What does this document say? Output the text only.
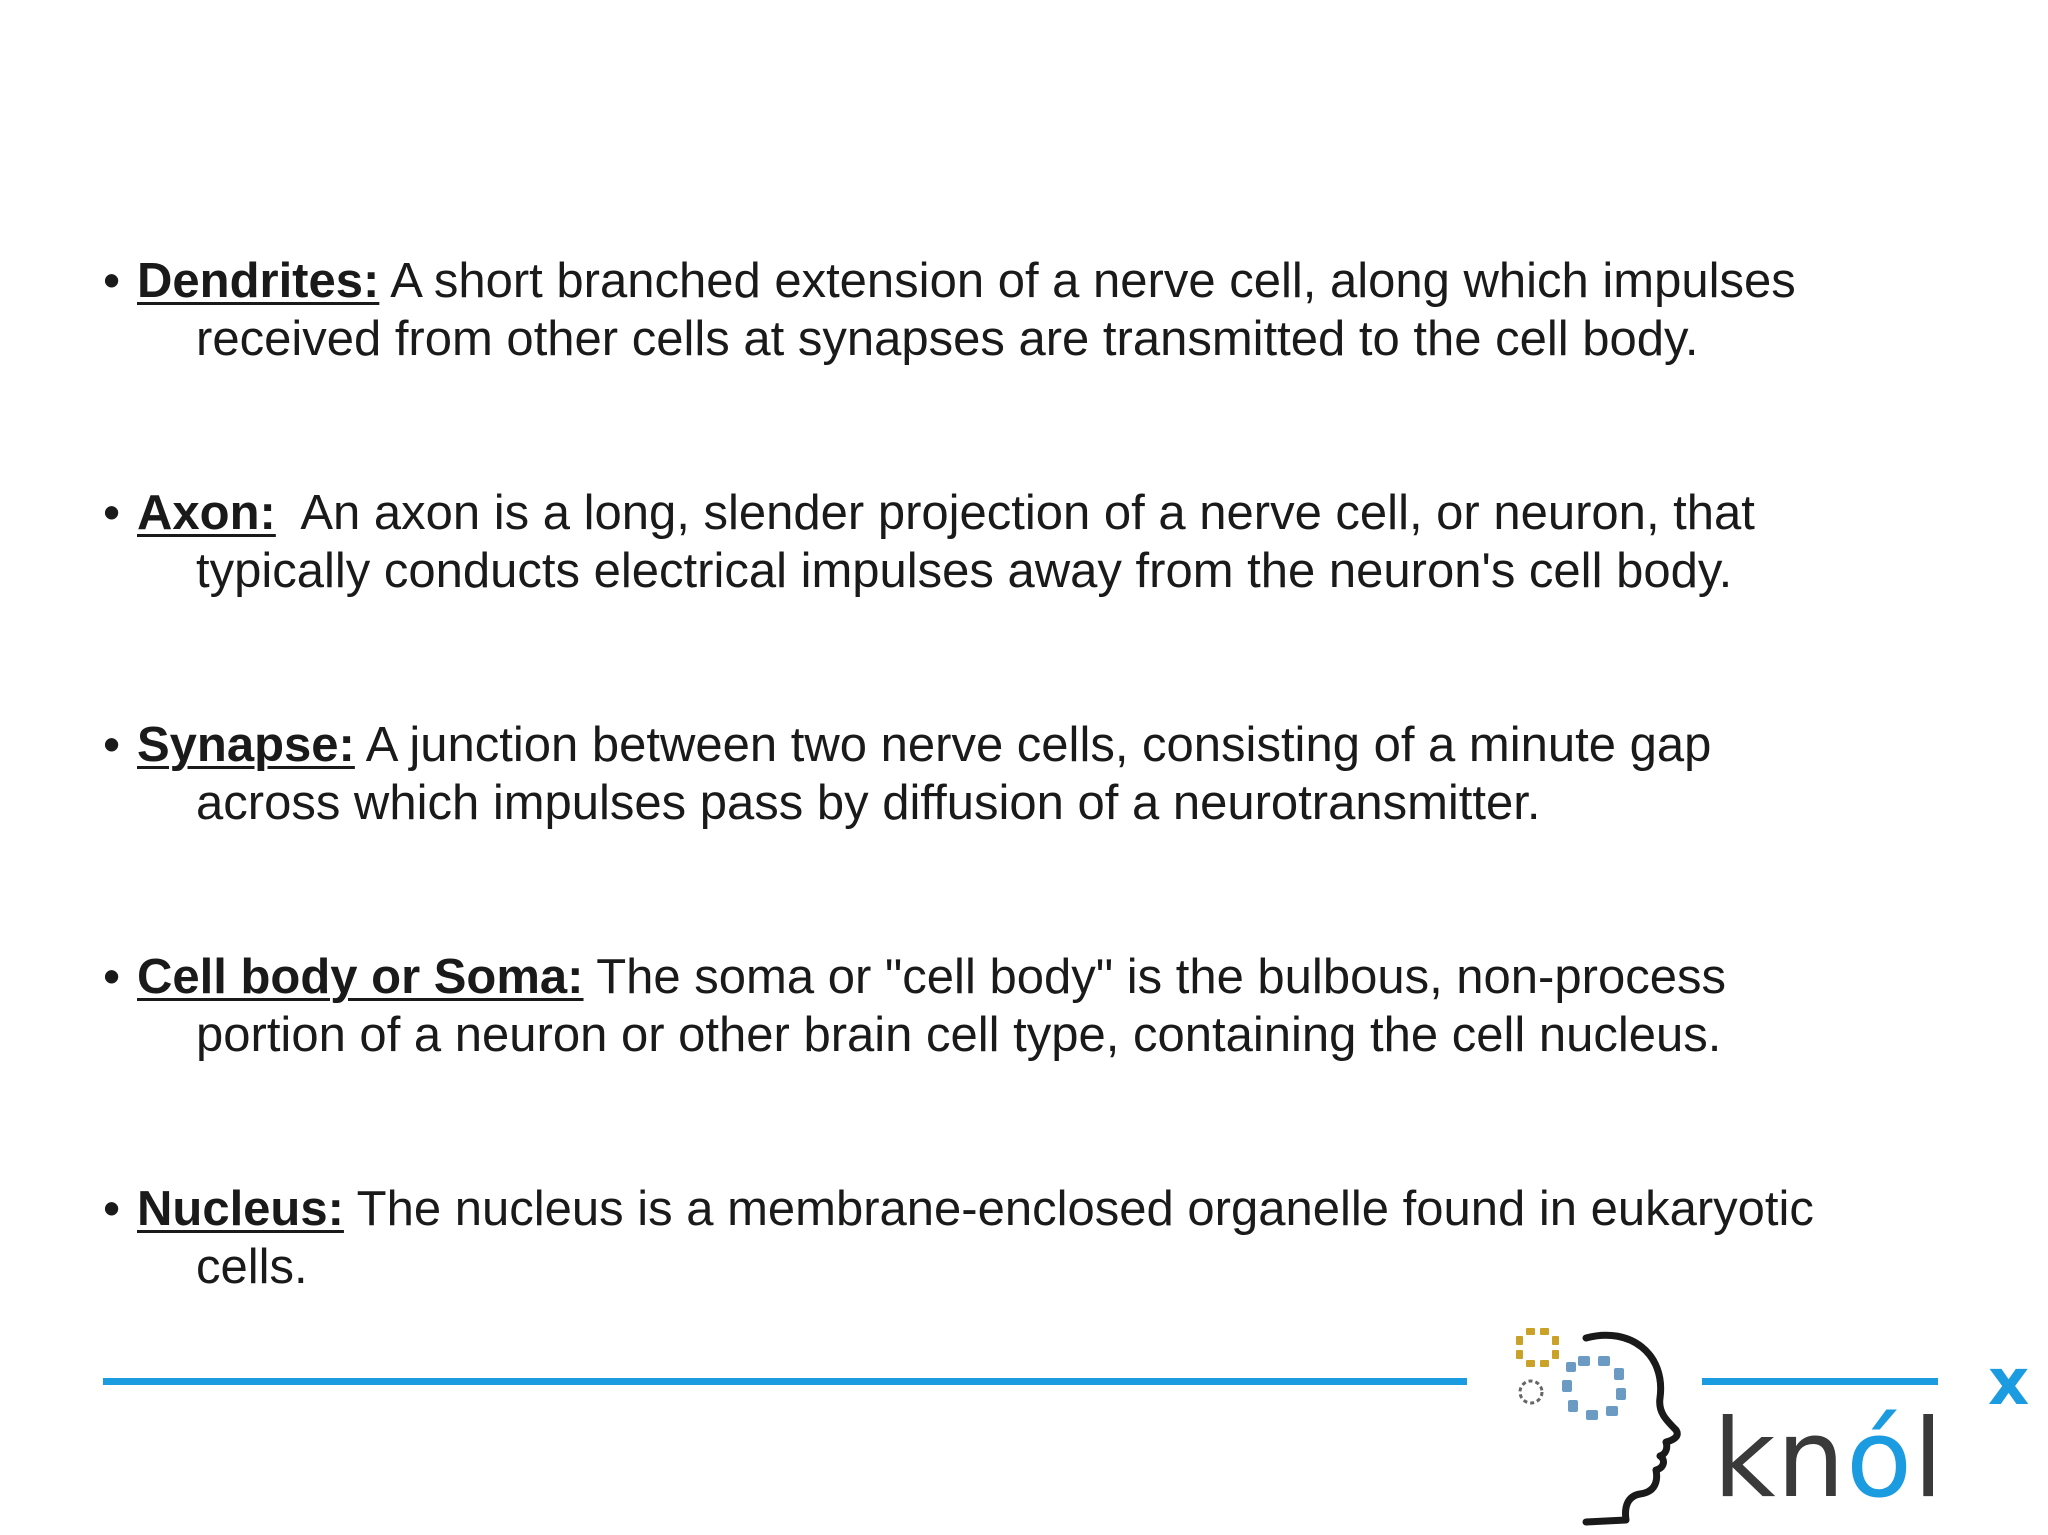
• Dendrites: A short branched extension of a nerve cell, along which impulses
received from other cells at synapses are transmitted to the cell body.
• Axon:  An axon is a long, slender projection of a nerve cell, or neuron, that
typically conducts electrical impulses away from the neuron's cell body.
• Synapse: A junction between two nerve cells, consisting of a minute gap
across which impulses pass by diffusion of a neurotransmitter.
• Cell body or Soma: The soma or "cell body" is the bulbous, non-process
portion of a neuron or other brain cell type, containing the cell nucleus.
• Nucleus: The nucleus is a membrane-enclosed organelle found in eukaryotic
cells.
knól
x
